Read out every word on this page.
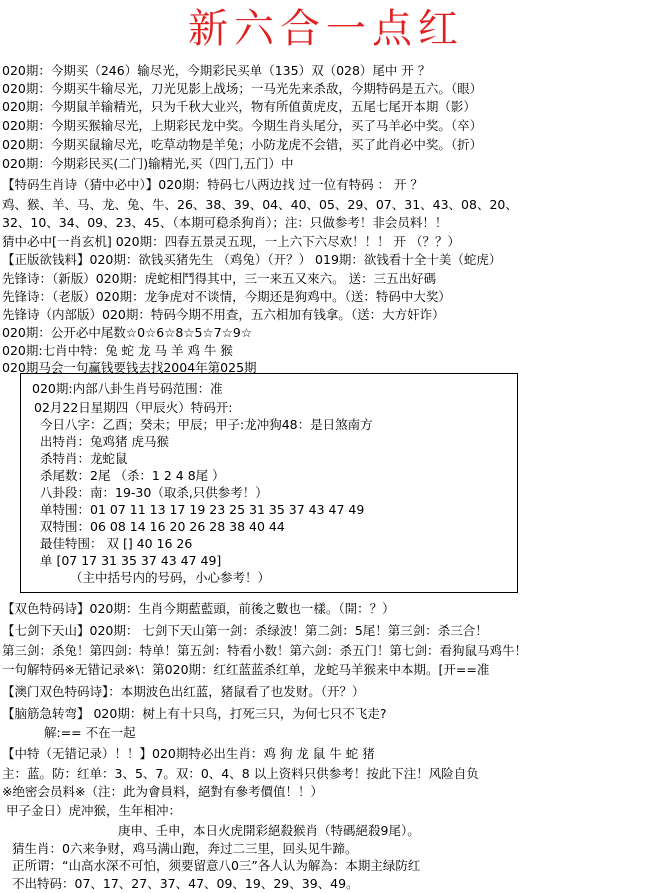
新六合一点红
020期：今期买（246）输尽光，今期彩民买单（135）双（028）尾中 开 ？
020期：今期买牛输尽光，刀光见影上战场；一马光先来杀敌，今期特码是五六。（眼）
020期：今期鼠羊输精光，只为千秋大业兴，物有所值黄虎皮，五尾七尾开本期（影）
020期：今期买猴输尽光，上期彩民龙中奖。今期生肖头尾分，买了马羊必中奖。（卒）
020期：今期买鼠输尽光，吃草动物是羊兔；小防龙虎不会错，买了此肖必中奖。（折）
020期：今期彩民买(二门)输精光,买（四门,五门）中
【特码生肖诗（猜中必中）】020期：特码七八两边找 过一位有特码 ： 开 ？
鸡、猴、羊、马、龙、兔、牛、26、38、39、04、40、05、29、07、31、43、08、20、
32、10、34、09、23、45、（本期可稳杀狗肖）；注：只做参考！非会员料！！
猜中必中[一肖玄机] 020期：四春五景灵五现，一上六下六尽欢！！！ 开 （？？）
【正版欲钱料】020期：欲钱买猪先生 （鸡兔）（开？） 019期：欲钱看十全十美（蛇虎）
先锋诗：（新版）020期：虎蛇相鬥得其中，三一来五又來六。 送：三五出好碼
先锋诗：（老版）020期：龙争虎对不谈情，今期还是狗鸡中。（送：特码中大奖）
先锋诗（内部版）020期：特码今期不用查，五六相加有钱拿。（送：大方奸诈）
020期：公开必中尾数☆0☆6☆8☆5☆7☆9☆
020期:七肖中特：兔 蛇 龙 马 羊 鸡 牛 猴
020期马会一句赢钱要钱去找2004年第025期
020期:内部八卦生肖号码范围：准
02月22日星期四（甲辰火）特码开:
今日八字：乙酉；癸未；甲辰；甲子:龙冲狗48：是日煞南方
出特肖：兔鸡猪 虎马猴
杀特肖：龙蛇鼠
杀尾数：2尾 （杀：1 2 4 8尾 ）
八卦段：南：19-30（取杀,只供参考！）
单特围：01 07 11 13 17 19 23 25 31 35 37 43 47 49
双特围：06 08 14 16 20 26 28 38 40 44
最佳特围： 双 [] 40 16 26
单 [07 17 31 35 37 43 47 49]
（主中括号内的号码，小心参考！）
【双色特码诗】020期：生肖今期藍藍頭，前後之數也一樣。（開：？）
【七剑下天山】020期： 七剑下天山第一剑：杀绿波！第二剑：5尾！第三剑：杀三合！
第三剑：杀兔！第四剑：特单！第五剑：特看小数！第六剑：杀五门！第七剑：看狗鼠马鸡牛！
一句解特码※无错记录※\：第020期：红红蓝蓝杀红单，龙蛇马羊猴来中本期。[开==准
【澳门双色特码诗】：本期波色出红蓝，猪鼠看了也发财。（开？）
【脑筋急转弯】 020期：树上有十只鸟，打死三只，为何七只不飞走?
解:== 不在一起
【中特（无错记录）！！】020期特必出生肖：鸡 狗 龙 鼠 牛 蛇 猪
主：蓝。防：红单：3、5、7。双：0、4、8 以上资料只供参考！按此下注！风险自负
※绝密会员料※（注：此为會員料，絕對有參考價值！！）
甲子金日）虎冲猴，生年相冲：
庚申、壬申，本日火虎開彩絕殺猴肖（特碼絕殺9尾）。
猜生肖：0六来争财，鸡马满山跑，奔过二三里，回头见牛蹄。
正所谓：“山高水深不可怕，须要留意八0三”各人认为解為：本期主绿防红
不出特码：07、17、27、37、47、09、19、29、39、49。
